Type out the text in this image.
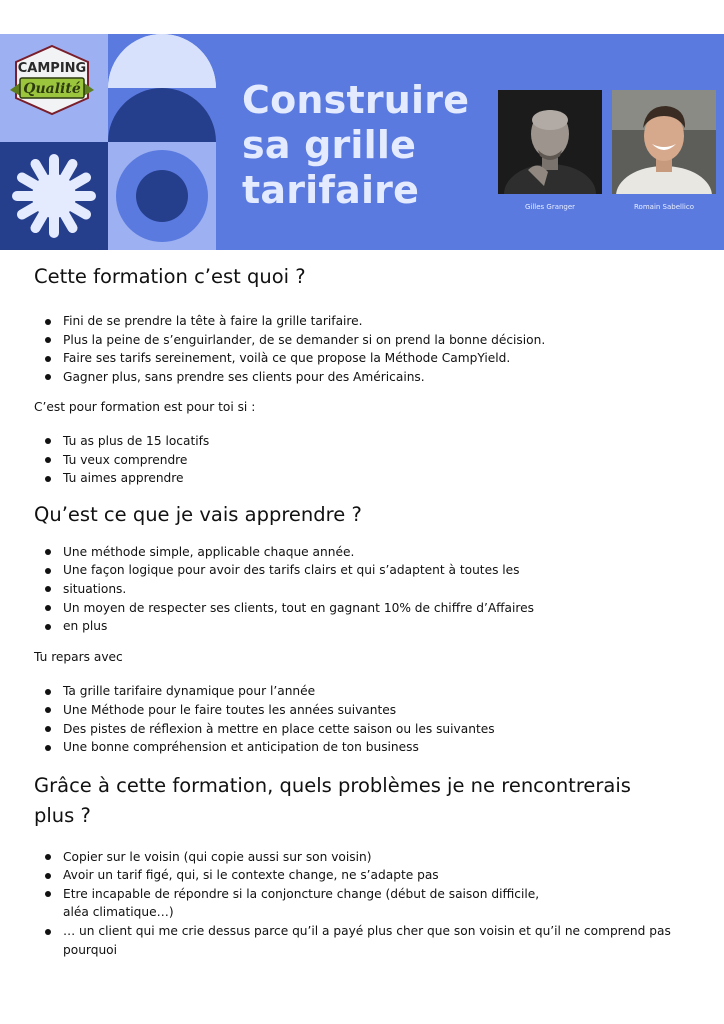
CAMPING
Qualité	Construire
sa grille
tarifaire	Gilles Granger	Romain Sabellico
Cette formation c’est quoi ?
Fini de se prendre la tête à faire la grille tarifaire.
Plus la peine de s’enguirlander, de se demander si on prend la bonne décision.
Faire ses tarifs sereinement, voilà ce que propose la Méthode CampYield.
Gagner plus, sans prendre ses clients pour des Américains.

C’est pour formation est pour toi si :

Tu as plus de 15 locatifs
Tu veux comprendre
Tu aimes apprendre
Qu’est ce que je vais apprendre ?
Une méthode simple, applicable chaque année.
Une façon logique pour avoir des tarifs clairs et qui s’adaptent à toutes les
situations.
Un moyen de respecter ses clients, tout en gagnant 10% de chiffre d’Affaires
en plus

Tu repars avec

Ta grille tarifaire dynamique pour l’année
Une Méthode pour le faire toutes les années suivantes
Des pistes de réflexion à mettre en place cette saison ou les suivantes
Une bonne compréhension et anticipation de ton business
Grâce à cette formation, quels problèmes je ne rencontrerais plus ?
Copier sur le voisin (qui copie aussi sur son voisin)
Avoir un tarif figé, qui, si le contexte change, ne s’adapte pas
Etre incapable de répondre si la conjoncture change (début de saison difficile, aléa climatique…)
… un client qui me crie dessus parce qu’il a payé plus cher que son voisin et qu’il ne comprend pas pourquoi
